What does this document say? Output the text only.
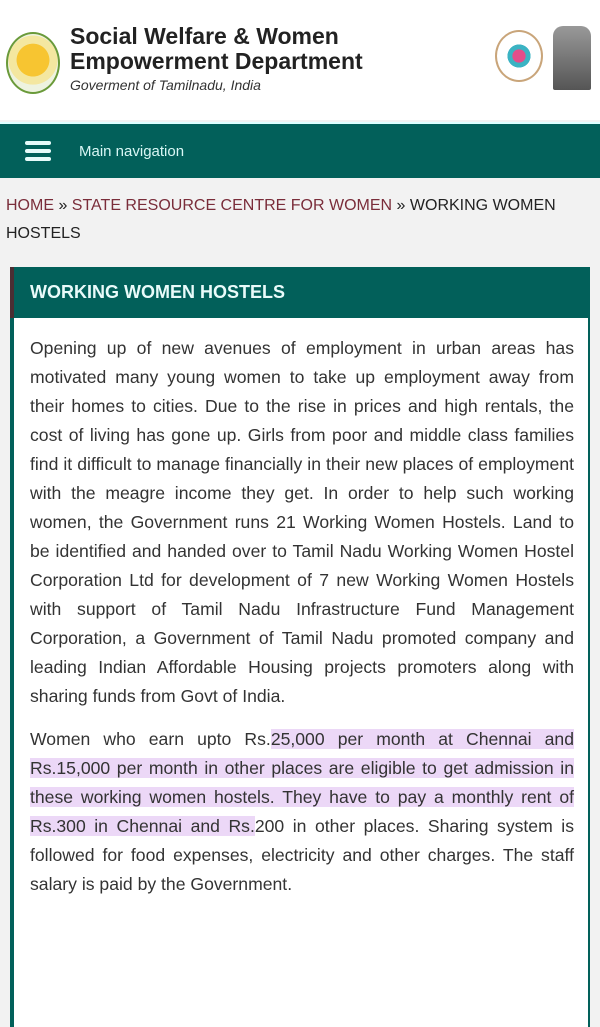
Social Welfare & Women
Empowerment Department
Goverment of Tamilnadu, India
Main navigation
HOME » STATE RESOURCE CENTRE FOR WOMEN » WORKING WOMEN HOSTELS
WORKING WOMEN HOSTELS

Opening up of new avenues of employment in urban areas has motivated many young women to take up employment away from their homes to cities. Due to the rise in prices and high rentals, the cost of living has gone up. Girls from poor and middle class families find it difficult to manage financially in their new places of employment with the meagre income they get. In order to help such working women, the Government runs 21 Working Women Hostels. Land to be identified and handed over to Tamil Nadu Working Women Hostel Corporation Ltd for development of 7 new Working Women Hostels with support of Tamil Nadu Infrastructure Fund Management Corporation, a Government of Tamil Nadu promoted company and leading Indian Affordable Housing projects promoters along with sharing funds from Govt of India.

Women who earn upto Rs.25,000 per month at Chennai and Rs.15,000 per month in other places are eligible to get admission in these working women hostels. They have to pay a monthly rent of Rs.300 in Chennai and Rs.200 in other places. Sharing system is followed for food expenses, electricity and other charges. The staff salary is paid by the Government.
